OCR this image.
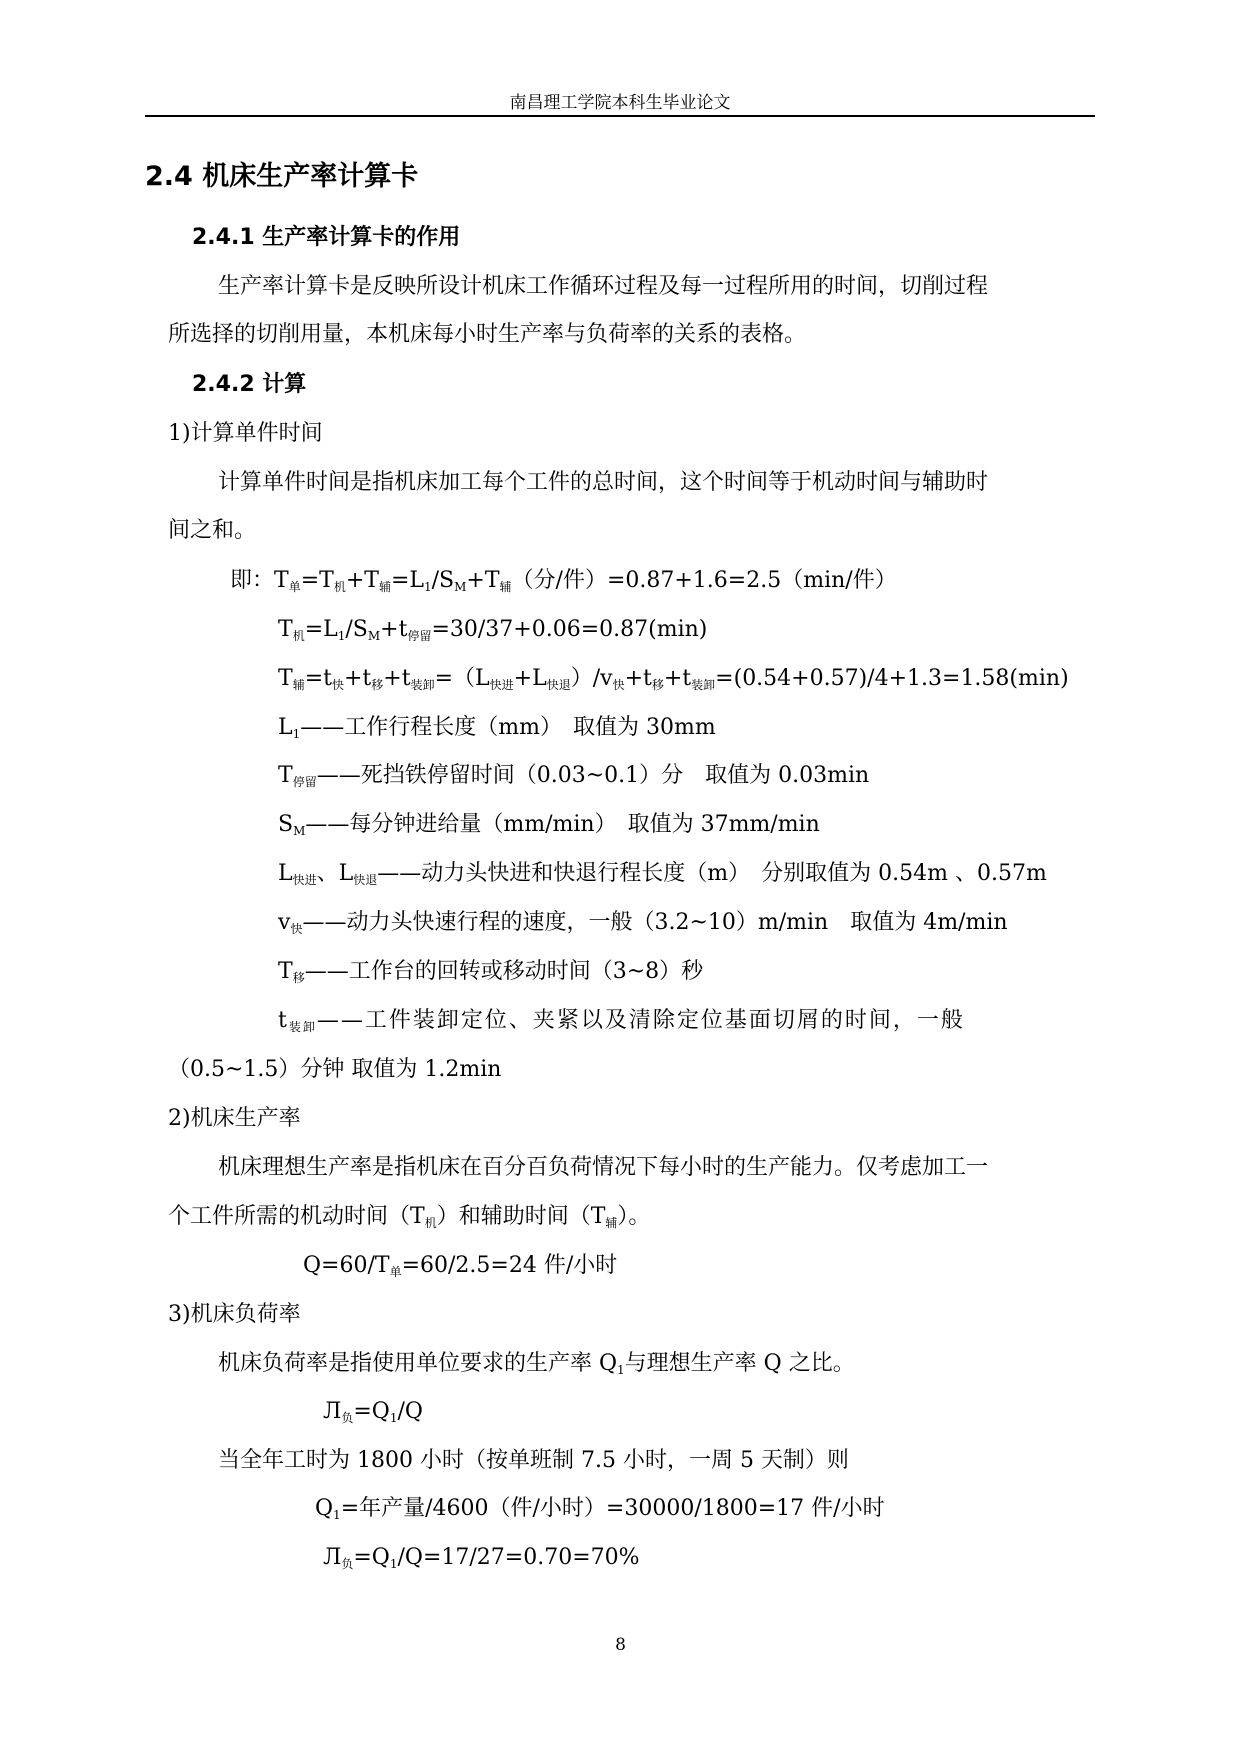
南昌理工学院本科生毕业论文
2.4 机床生产率计算卡
2.4.1 生产率计算卡的作用
生产率计算卡是反映所设计机床工作循环过程及每一过程所用的时间，切削过程
所选择的切削用量，本机床每小时生产率与负荷率的关系的表格。
2.4.2 计算
1)计算单件时间
计算单件时间是指机床加工每个工件的总时间，这个时间等于机动时间与辅助时
间之和。
即：$T_单=T_机+T_辅=L_1/S_M+T_辅$（分/件）=0.87+1.6=2.5（min/件）
$T_机=L_1/S_M+t_{停留}=30/37+0.06=0.87(\min)$
$T_辅=t_快+t_移+t_{装卸}=(L_{快进}+L_{快退})/v_快+t_移+t_{装卸}=(0.54+0.57)/4+1.3=1.58(\min)$
$L_1——$工作行程长度（mm）　取值为 30mm
$T_{停留}——$死挡铁停留时间（0.03~0.1）分　取值为 0.03min
$S_M——$每分钟进给量（mm/min）　取值为 37mm/min
$L_{快进}$、$L_{快退}——$动力头快进和快退行程长度（m）　分别取值为 0.54m 、0.57m
$v_快——$动力头快速行程的速度，一般（3.2~10）m/min　取值为 4m/min
$T_移——$工作台的回转或移动时间（3~8）秒
$t_{装卸}——$工件装卸定位、夹紧以及清除定位基面切屑的时间，一般
（0.5~1.5）分钟 取值为 1.2min
2)机床生产率
机床理想生产率是指机床在百分百负荷情况下每小时的生产能力。仅考虑加工一
个工件所需的机动时间$(T_机)$和辅助时间$(T_辅)$。
$Q=60/T_单=60/2.5=24$ 件/小时
3)机床负荷率
机床负荷率是指使用单位要求的生产率 $Q_1$与理想生产率 Q 之比。
$Л_负=Q_1/Q$
当全年工时为 1800 小时（按单班制 7.5 小时，一周 5 天制）则
$Q_1=$年产量/4600（件/小时）=30000/1800=17 件/小时
$Л_负=Q_1/Q=17/27=0.70=70\%$
8
